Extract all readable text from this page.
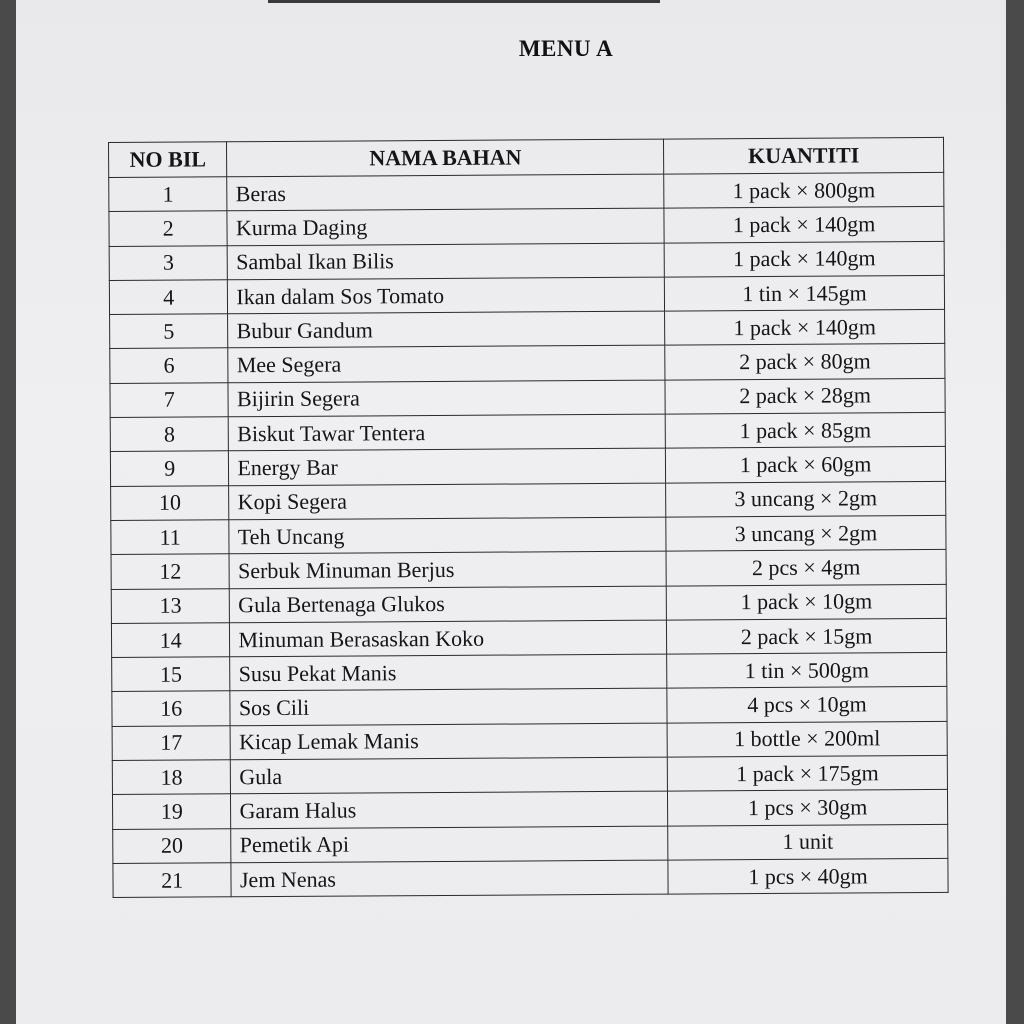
MENU A
NO BIL	NAMA BAHAN	KUANTITI
1	Beras	1 pack × 800gm
2	Kurma Daging	1 pack × 140gm
3	Sambal Ikan Bilis	1 pack × 140gm
4	Ikan dalam Sos Tomato	1 tin × 145gm
5	Bubur Gandum	1 pack × 140gm
6	Mee Segera	2 pack × 80gm
7	Bijirin Segera	2 pack × 28gm
8	Biskut Tawar Tentera	1 pack × 85gm
9	Energy Bar	1 pack × 60gm
10	Kopi Segera	3 uncang × 2gm
11	Teh Uncang	3 uncang × 2gm
12	Serbuk Minuman Berjus	2 pcs × 4gm
13	Gula Bertenaga Glukos	1 pack × 10gm
14	Minuman Berasaskan Koko	2 pack × 15gm
15	Susu Pekat Manis	1 tin × 500gm
16	Sos Cili	4 pcs × 10gm
17	Kicap Lemak Manis	1 bottle × 200ml
18	Gula	1 pack × 175gm
19	Garam Halus	1 pcs × 30gm
20	Pemetik Api	1 unit
21	Jem Nenas	1 pcs × 40gm
